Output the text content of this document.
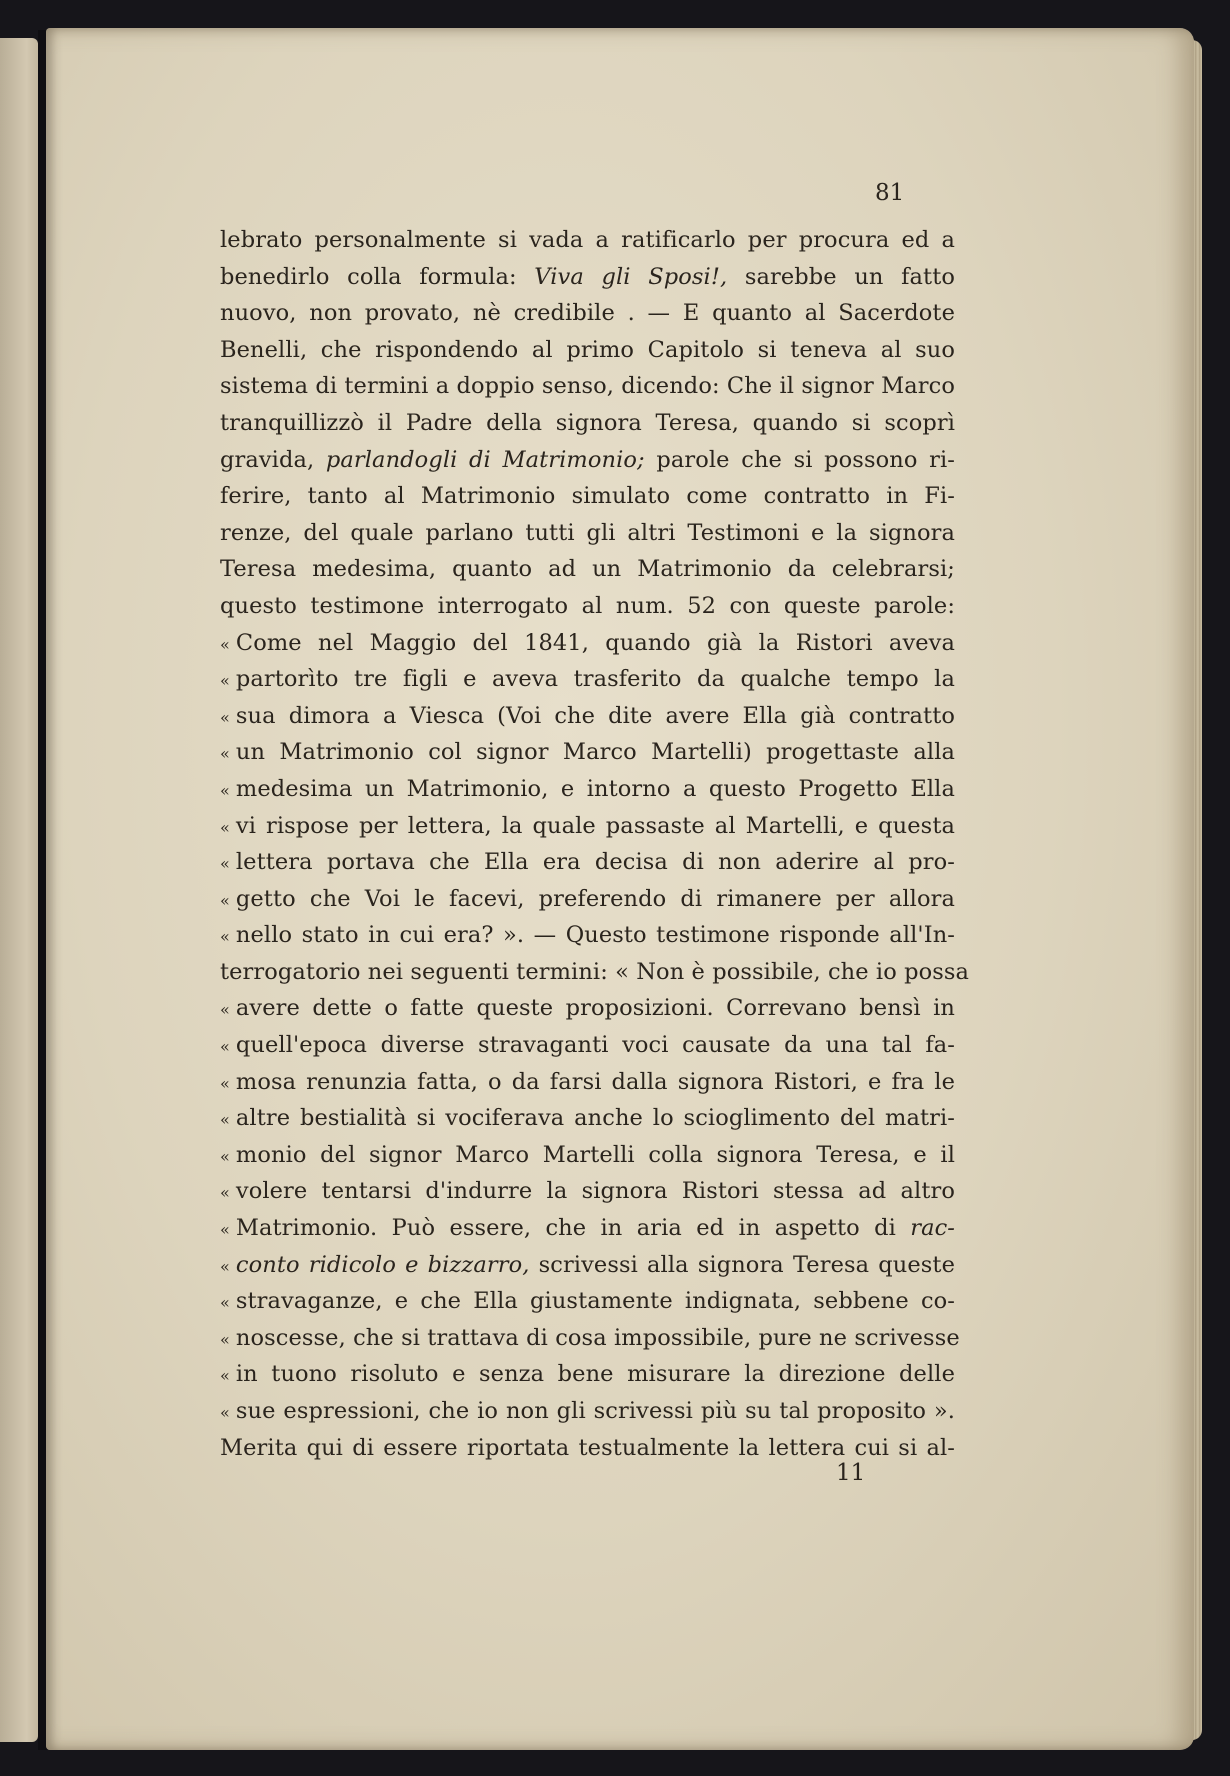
81
lebrato personalmente si vada a ratificarlo per procura ed a
benedirlo colla formula: Viva gli Sposi!, sarebbe un fatto
nuovo, non provato, nè credibile . — E quanto al Sacerdote
Benelli, che rispondendo al primo Capitolo si teneva al suo
sistema di termini a doppio senso, dicendo: Che il signor Marco
tranquillizzò il Padre della signora Teresa, quando si scoprì
gravida, parlandogli di Matrimonio; parole che si possono ri-
ferire, tanto al Matrimonio simulato come contratto in Fi-
renze, del quale parlano tutti gli altri Testimoni e la signora
Teresa medesima, quanto ad un Matrimonio da celebrarsi;
questo testimone interrogato al num. 52 con queste parole:
« Come nel Maggio del 1841, quando già la Ristori aveva
« partorìto tre figli e aveva trasferito da qualche tempo la
« sua dimora a Viesca (Voi che dite avere Ella già contratto
« un Matrimonio col signor Marco Martelli) progettaste alla
« medesima un Matrimonio, e intorno a questo Progetto Ella
« vi rispose per lettera, la quale passaste al Martelli, e questa
« lettera portava che Ella era decisa di non aderire al pro-
« getto che Voi le facevi, preferendo di rimanere per allora
« nello stato in cui era? ». — Questo testimone risponde all'In-
terrogatorio nei seguenti termini: « Non è possibile, che io possa
« avere dette o fatte queste proposizioni. Correvano bensì in
« quell'epoca diverse stravaganti voci causate da una tal fa-
« mosa renunzia fatta, o da farsi dalla signora Ristori, e fra le
« altre bestialità si vociferava anche lo scioglimento del matri-
« monio del signor Marco Martelli colla signora Teresa, e il
« volere tentarsi d'indurre la signora Ristori stessa ad altro
« Matrimonio. Può essere, che in aria ed in aspetto di rac-
« conto ridicolo e bizzarro, scrivessi alla signora Teresa queste
« stravaganze, e che Ella giustamente indignata, sebbene co-
« noscesse, che si trattava di cosa impossibile, pure ne scrivesse
« in tuono risoluto e senza bene misurare la direzione delle
« sue espressioni, che io non gli scrivessi più su tal proposito ».
Merita qui di essere riportata testualmente la lettera cui si al-
11
